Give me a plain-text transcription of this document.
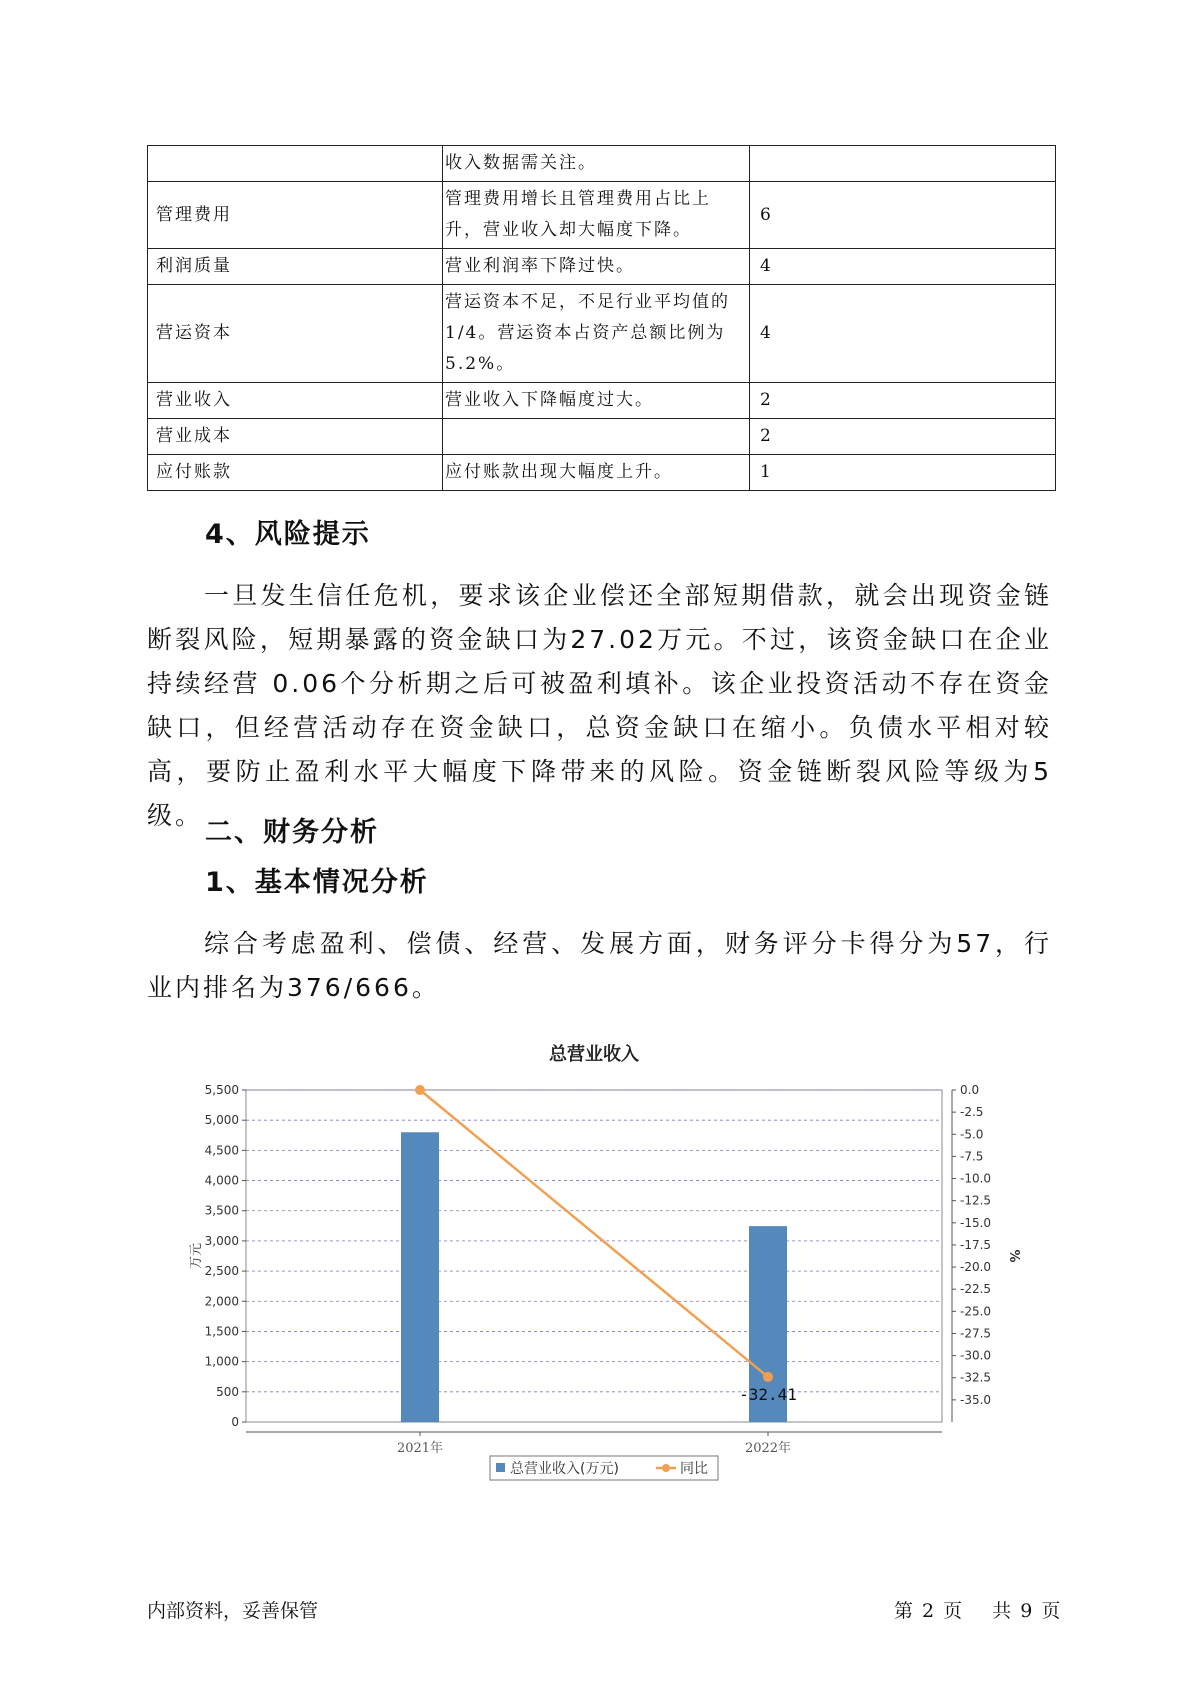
	收入数据需关注。	
管理费用	管理费用增长且管理费用占比上升，营业收入却大幅度下降。	6
利润质量	营业利润率下降过快。	4
营运资本	营运资本不足，不足行业平均值的1/4。营运资本占资产总额比例为5.2%。	4
营业收入	营业收入下降幅度过大。	2
营业成本		2
应付账款	应付账款出现大幅度上升。	1
4、风险提示

一旦发生信任危机，要求该企业偿还全部短期借款，就会出现资金链断裂风险，短期暴露的资金缺口为27.02万元。不过，该资金缺口在企业持续经营 0.06个分析期之后可被盈利填补。该企业投资活动不存在资金缺口，但经营活动存在资金缺口，总资金缺口在缩小。负债水平相对较高，要防止盈利水平大幅度下降带来的风险。资金链断裂风险等级为5级。

二、财务分析
1、基本情况分析

综合考虑盈利、偿债、经营、发展方面，财务评分卡得分为57，行业内排名为376/666。

总营业收入
0
500
1,000
1,500
2,000
2,500
3,000
3,500
4,000
4,500
5,000
5,500	0.0
-2.5
-5.0
-7.5
-10.0
-12.5
-15.0
-17.5
-20.0
-22.5
-25.0
-27.5
-30.0
-32.5
-35.0
万元	%
2021年	2022年
-32.41
总营业收入(万元)	同比
内部资料，妥善保管	第 2 页 共 9 页
